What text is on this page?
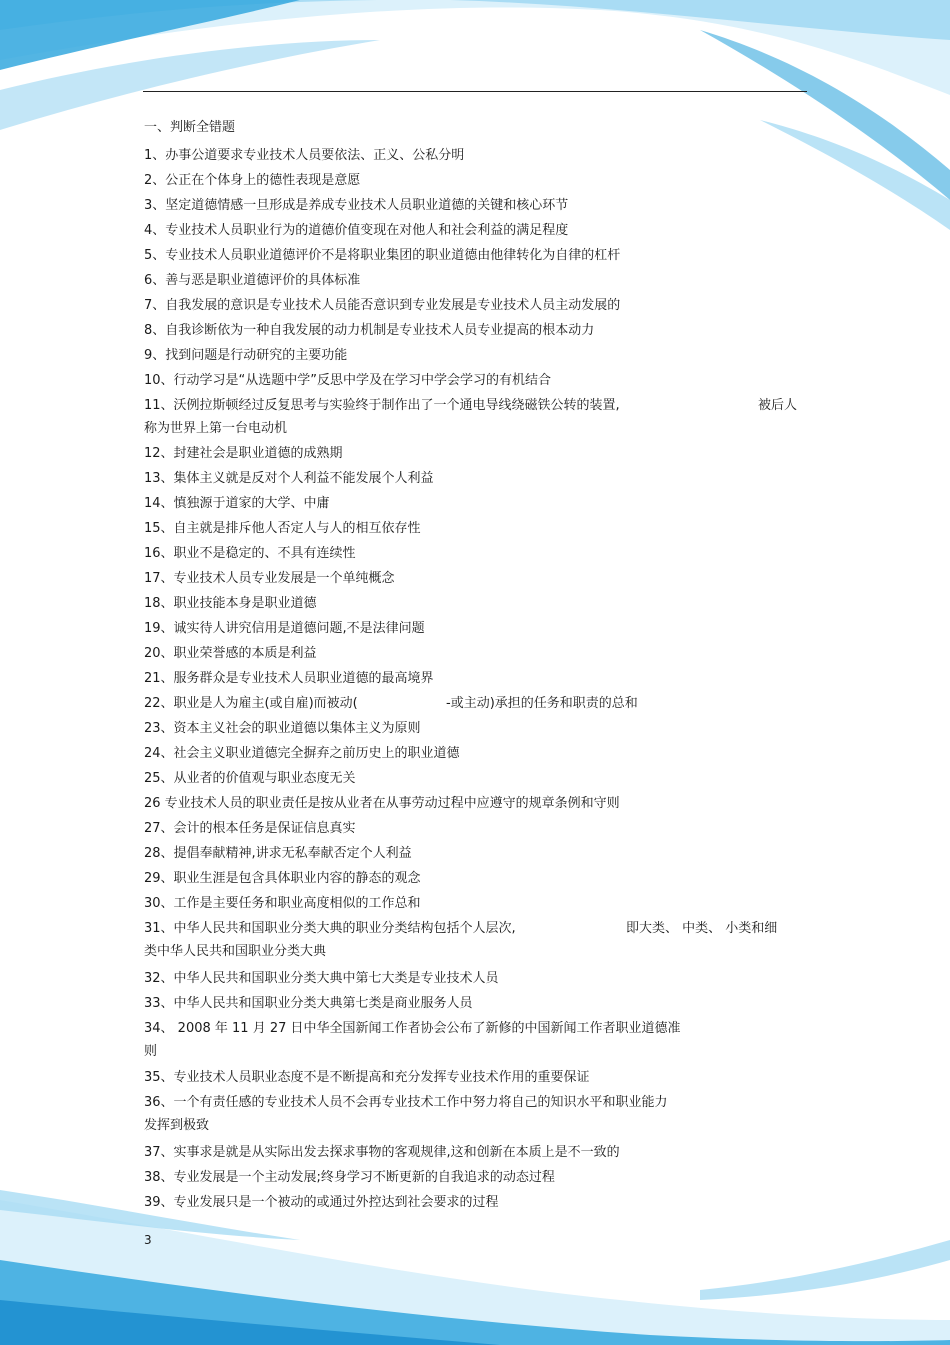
一、判断全错题
1、办事公道要求专业技术人员要依法、正义、公私分明
2、公正在个体身上的德性表现是意愿
3、坚定道德情感一旦形成是养成专业技术人员职业道德的关键和核心环节
4、专业技术人员职业行为的道德价值变现在对他人和社会利益的满足程度
5、专业技术人员职业道德评价不是将职业集团的职业道德由他律转化为自律的杠杆
6、善与恶是职业道德评价的具体标准
7、自我发展的意识是专业技术人员能否意识到专业发展是专业技术人员主动发展的
8、自我诊断依为一种自我发展的动力机制是专业技术人员专业提高的根本动力
9、找到问题是行动研究的主要功能
10、行动学习是“从选题中学”反思中学及在学习中学会学习的有机结合
11、沃例拉斯顿经过反复思考与实验终于制作出了一个通电导线绕磁铁公转的装置,	被后人
称为世界上第一台电动机
12、封建社会是职业道德的成熟期
13、集体主义就是反对个人利益不能发展个人利益
14、慎独源于道家的大学、中庸
15、自主就是排斥他人否定人与人的相互依存性
16、职业不是稳定的、不具有连续性
17、专业技术人员专业发展是一个单纯概念
18、职业技能本身是职业道德
19、诚实待人讲究信用是道德问题,不是法律问题
20、职业荣誉感的本质是利益
21、服务群众是专业技术人员职业道德的最高境界
22、职业是人为雇主(或自雇)而被动(	-或主动)承担的任务和职责的总和
23、资本主义社会的职业道德以集体主义为原则
24、社会主义职业道德完全摒弃之前历史上的职业道德
25、从业者的价值观与职业态度无关
26 专业技术人员的职业责任是按从业者在从事劳动过程中应遵守的规章条例和守则
27、会计的根本任务是保证信息真实
28、提倡奉献精神,讲求无私奉献否定个人利益
29、职业生涯是包含具体职业内容的静态的观念
30、工作是主要任务和职业高度相似的工作总和
31、中华人民共和国职业分类大典的职业分类结构包括个人层次,	即大类、 中类、 小类和细
类中华人民共和国职业分类大典
32、中华人民共和国职业分类大典中第七大类是专业技术人员
33、中华人民共和国职业分类大典第七类是商业服务人员
34、 2008 年 11 月 27 日中华全国新闻工作者协会公布了新修的中国新闻工作者职业道德准
则
35、专业技术人员职业态度不是不断提高和充分发挥专业技术作用的重要保证
36、一个有责任感的专业技术人员不会再专业技术工作中努力将自己的知识水平和职业能力
发挥到极致
37、实事求是就是从实际出发去探求事物的客观规律,这和创新在本质上是不一致的
38、专业发展是一个主动发展;终身学习不断更新的自我追求的动态过程
39、专业发展只是一个被动的或通过外控达到社会要求的过程
3
